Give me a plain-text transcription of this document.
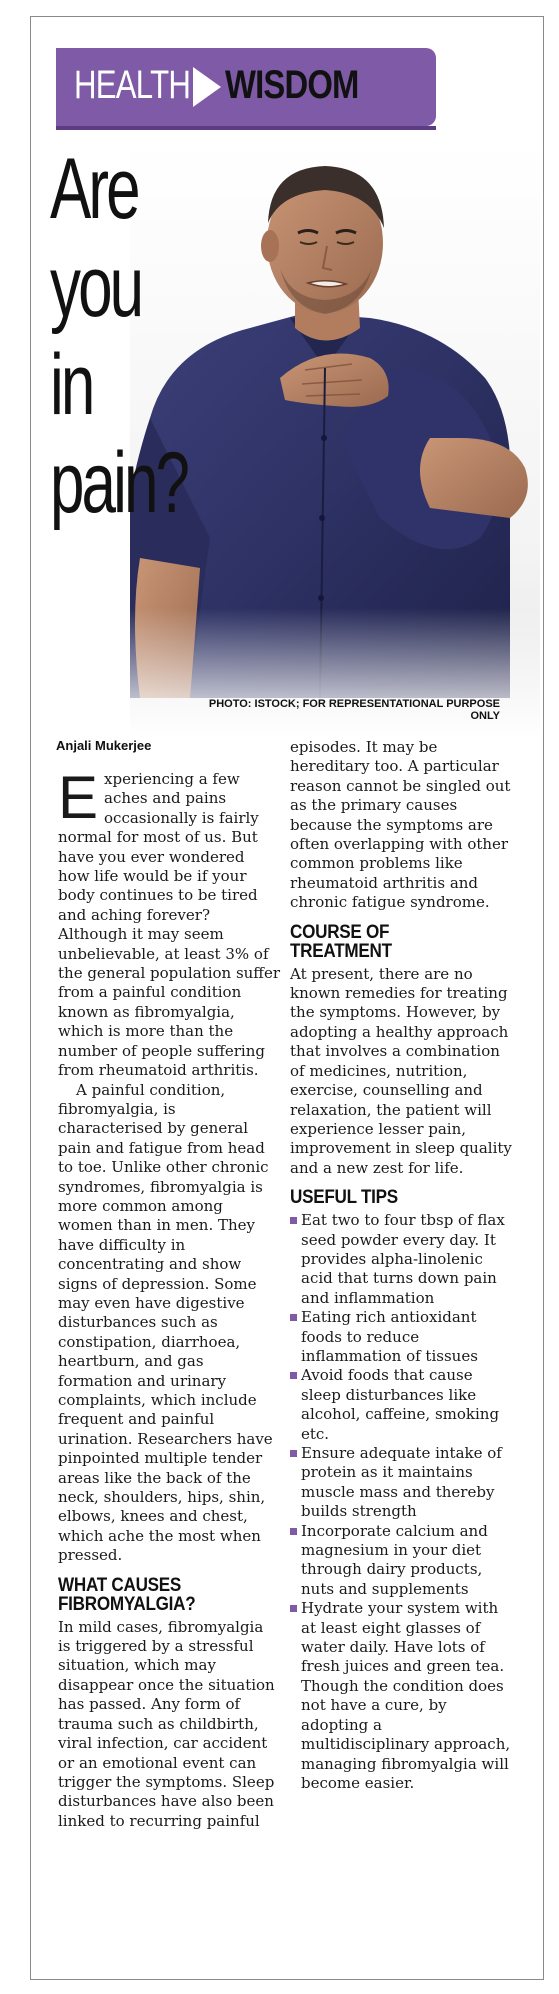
HEALTH WISDOM
Are
you in
pain?
PHOTO: ISTOCK; FOR REPRESENTATIONAL PURPOSE ONLY
Anjali Mukerjee

Experiencing a few aches and pains occasionally is fairly normal for most of us. But have you ever wondered how life would be if your body continues to be tired and aching forever? Although it may seem unbelievable, at least 3% of the general population suffer from a painful condition known as fibromyalgia, which is more than the number of people suffering from rheumatoid arthritis.

A painful condition, fibromyalgia, is characterised by general pain and fatigue from head to toe. Unlike other chronic syndromes, fibromyalgia is more common among women than in men. They have difficulty in concentrating and show signs of depression. Some may even have digestive disturbances such as constipation, diarrhoea, heartburn, and gas formation and urinary complaints, which include frequent and painful urination. Researchers have pinpointed multiple tender areas like the back of the neck, shoulders, hips, shin, elbows, knees and chest, which ache the most when pressed.

WHAT CAUSES FIBROMYALGIA?

In mild cases, fibromyalgia is triggered by a stressful situation, which may disappear once the situation has passed. Any form of trauma such as childbirth, viral infection, car accident or an emotional event can trigger the symptoms. Sleep disturbances have also been linked to recurring painful

episodes. It may be hereditary too. A particular reason cannot be singled out as the primary causes because the symptoms are often overlapping with other common problems like rheumatoid arthritis and chronic fatigue syndrome.

COURSE OF TREATMENT

At present, there are no known remedies for treating the symptoms. However, by adopting a healthy approach that involves a combination of medicines, nutrition, exercise, counselling and relaxation, the patient will experience lesser pain, improvement in sleep quality and a new zest for life.

USEFUL TIPS
Eat two to four tbsp of flax seed powder every day. It provides alpha-linolenic acid that turns down pain and inflammation
Eating rich antioxidant foods to reduce inflammation of tissues
Avoid foods that cause sleep disturbances like alcohol, caffeine, smoking etc.
Ensure adequate intake of protein as it maintains muscle mass and thereby builds strength
Incorporate calcium and magnesium in your diet through dairy products, nuts and supplements
Hydrate your system with at least eight glasses of water daily. Have lots of fresh juices and green tea. Though the condition does not have a cure, by adopting a multidisciplinary approach, managing fibromyalgia will become easier.
